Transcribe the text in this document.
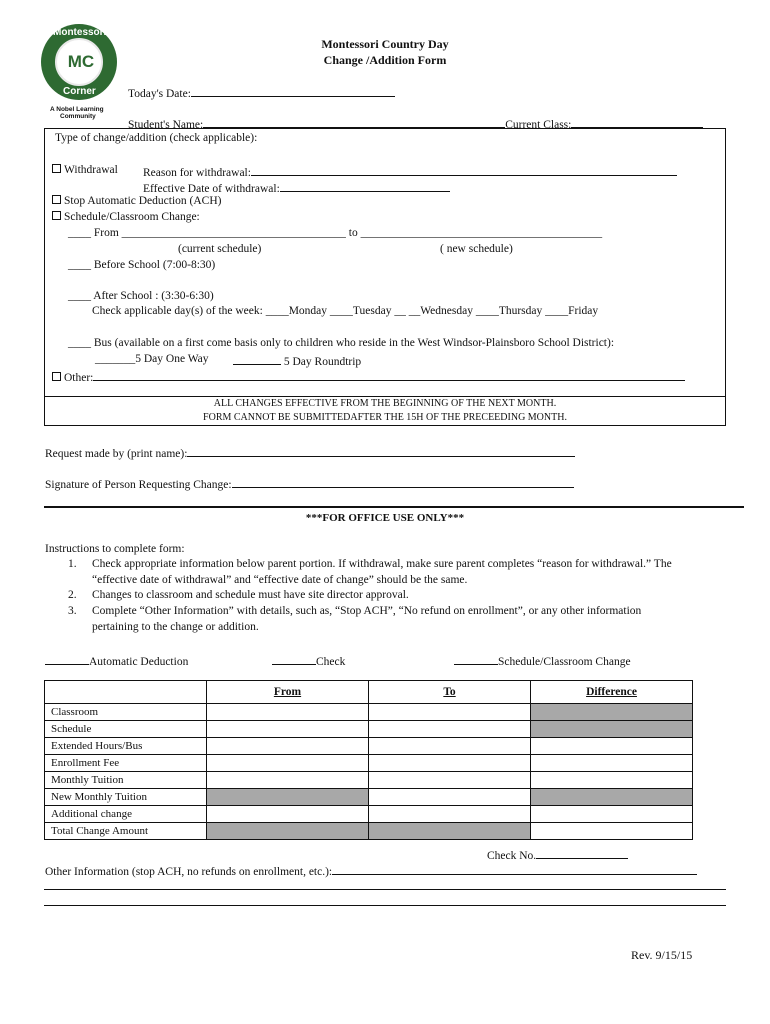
Montessori
MC
Corner
A Nobel Learning
Community
Montessori Country Day
Change /Addition Form
Today's Date:
Student's Name:	Current Class:
Type of change/addition (check applicable):
Withdrawal Reason for withdrawal:
Effective Date of withdrawal:
Stop Automatic Deduction (ACH)
Schedule/Classroom Change:
____ From _______________________________________ to __________________________________________
(current schedule)	( new schedule)
____ Before School (7:00-8:30)
____ After School : (3:30-6:30)
Check applicable day(s) of the week: ____Monday ____Tuesday __ __Wednesday ____Thursday ____Friday
____ Bus (available on a first come basis only to children who reside in the West Windsor-Plainsboro School District):
_______5 Day One Way	5 Day Roundtrip
Other:
ALL CHANGES EFFECTIVE FROM THE BEGINNING OF THE NEXT MONTH.
FORM CANNOT BE SUBMITTEDAFTER THE 15H OF THE PRECEEDING MONTH.
Request made by (print name):
Signature of Person Requesting Change:
***FOR OFFICE USE ONLY***
Instructions to complete form:
1. Check appropriate information below parent portion. If withdrawal, make sure parent completes “reason for withdrawal.” The
“effective date of withdrawal” and “effective date of change” should be the same.
2. Changes to classroom and schedule must have site director approval.
3. Complete “Other Information” with details, such as, “Stop ACH”, “No refund on enrollment”, or any other information
pertaining to the change or addition.
Automatic Deduction	Check	Schedule/Classroom Change
	From	To	Difference
Classroom			
Schedule			
Extended Hours/Bus			
Enrollment Fee			
Monthly Tuition			
New Monthly Tuition			
Additional change			
Total Change Amount			
Check No.
Other Information (stop ACH, no refunds on enrollment, etc.):
Rev. 9/15/15
